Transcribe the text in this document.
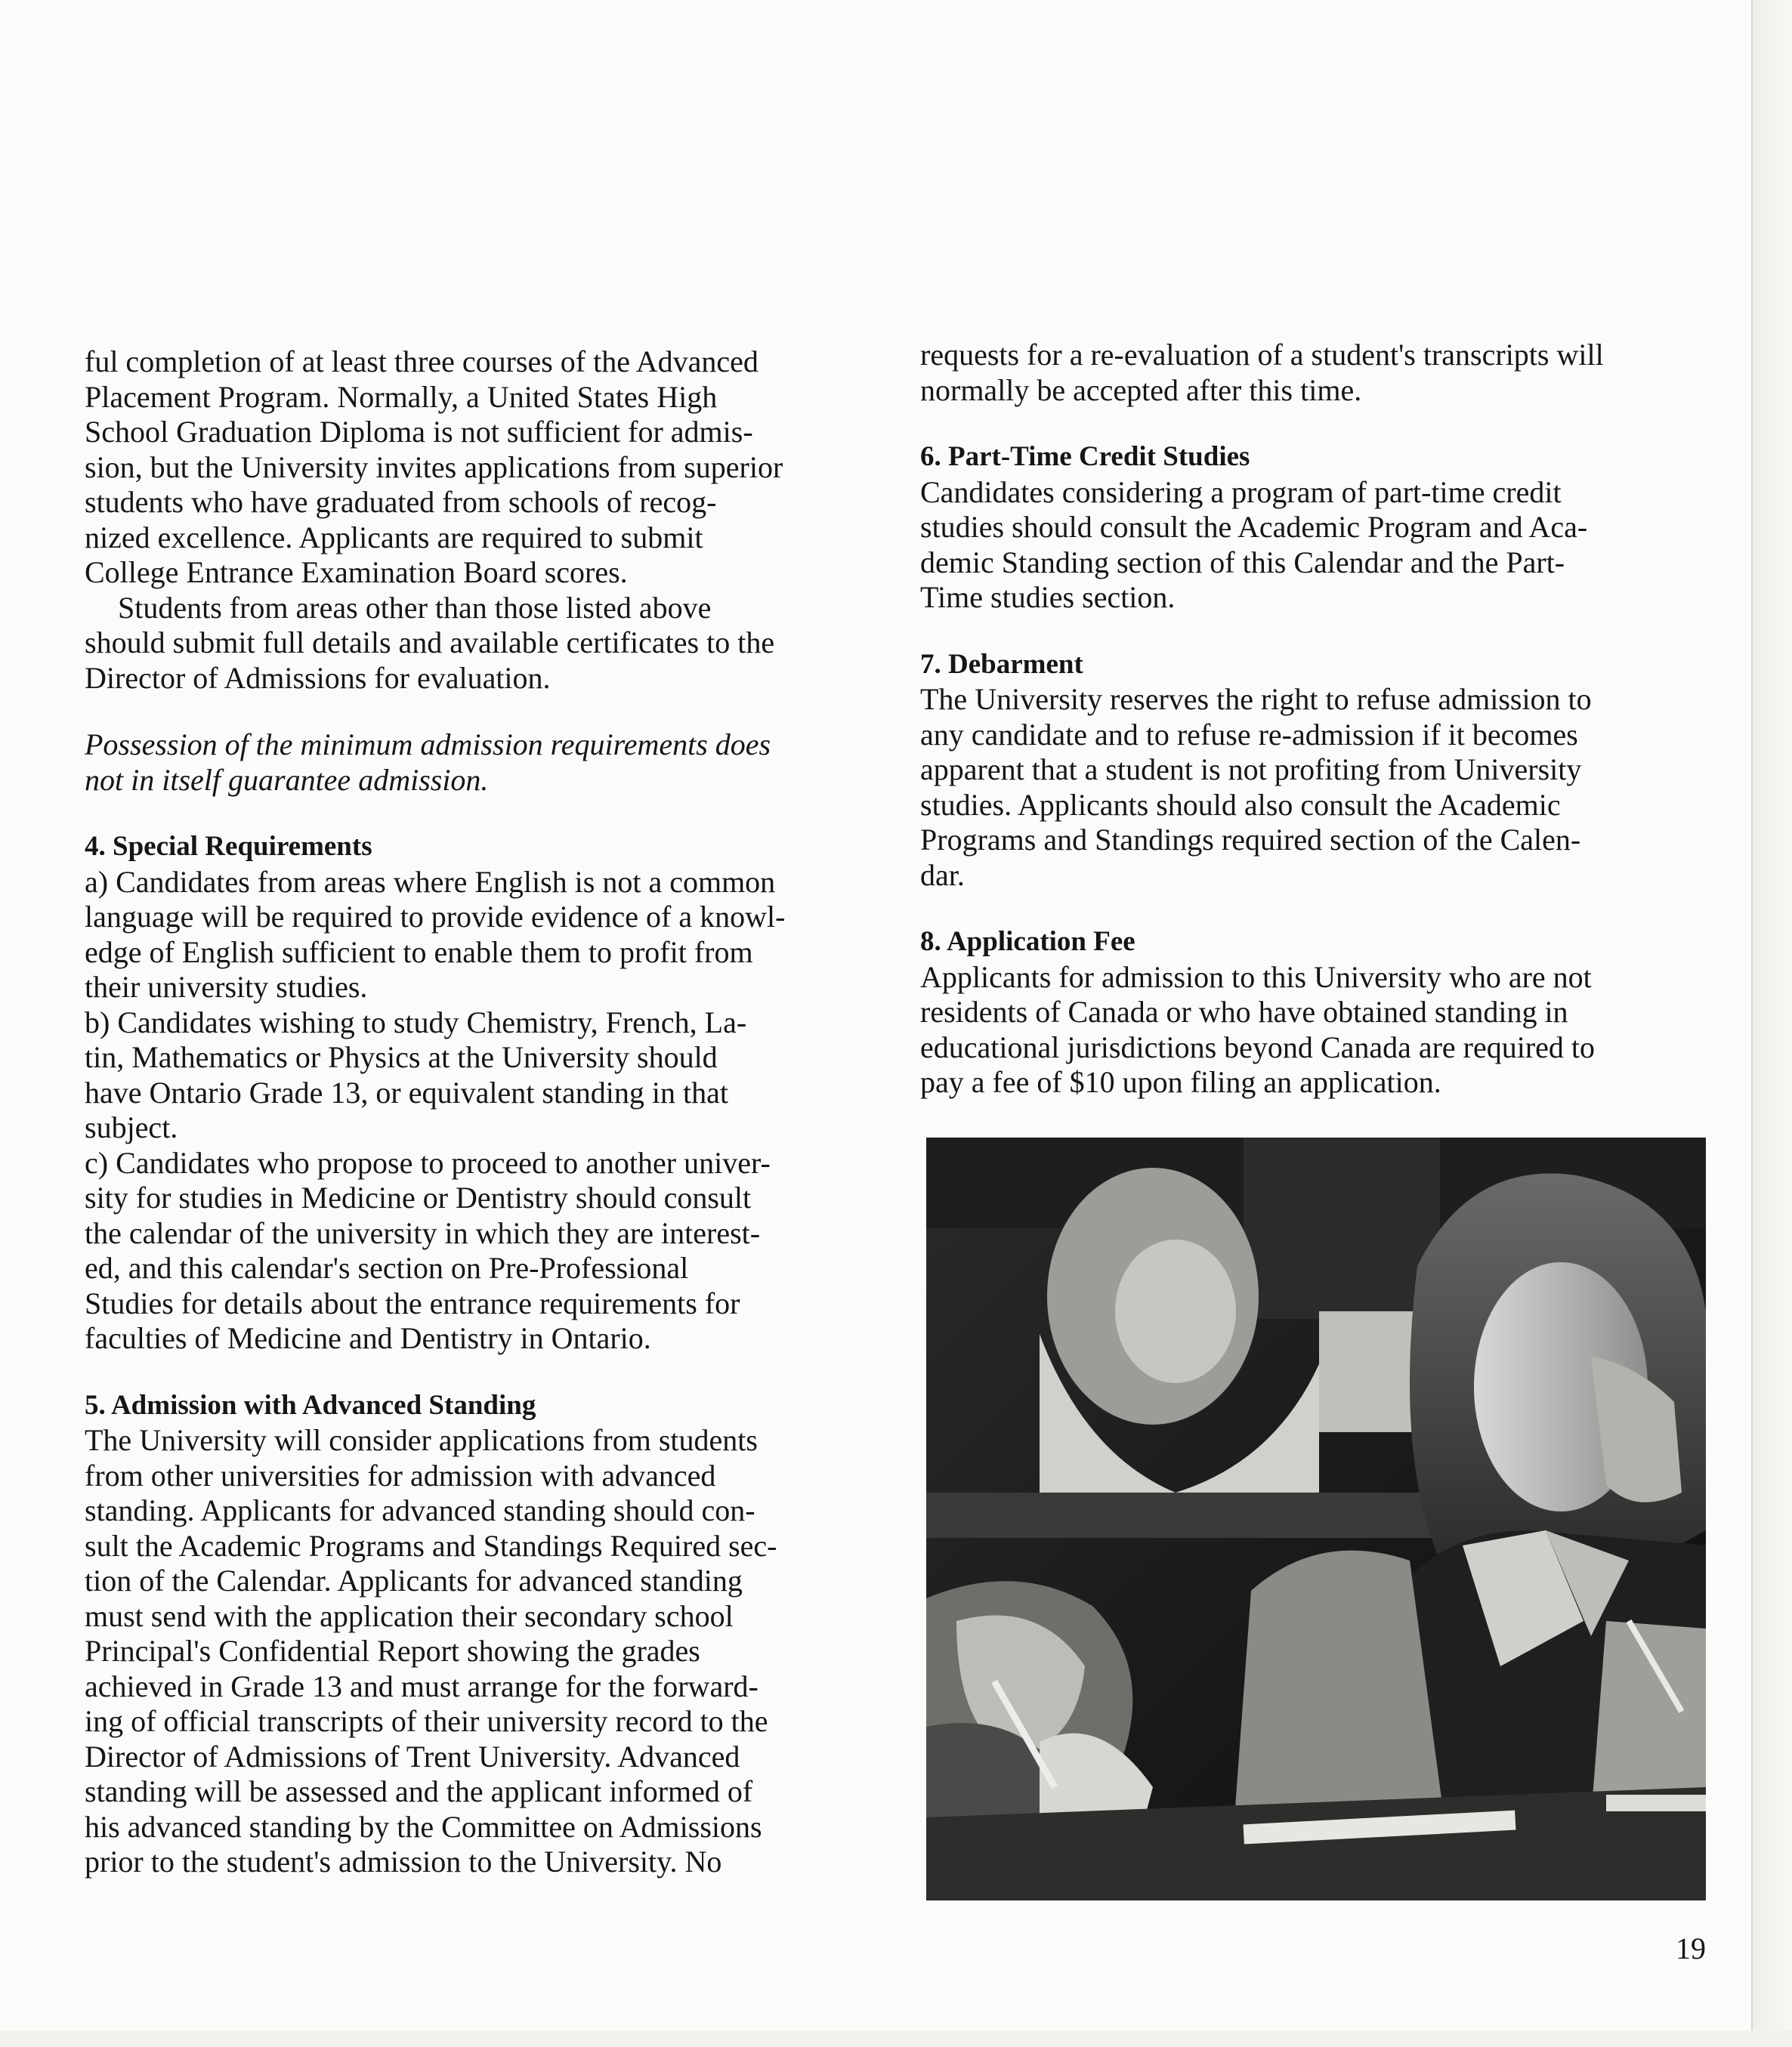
ful completion of at least three courses of the Advanced
Placement Program. Normally, a United States High
School Graduation Diploma is not sufficient for admis-
sion, but the University invites applications from superior
students who have graduated from schools of recog-
nized excellence. Applicants are required to submit
College Entrance Examination Board scores.
Students from areas other than those listed above
should submit full details and available certificates to the
Director of Admissions for evaluation.
Possession of the minimum admission requirements does
not in itself guarantee admission.
4. Special Requirements
a) Candidates from areas where English is not a common
language will be required to provide evidence of a knowl-
edge of English sufficient to enable them to profit from
their university studies.
b) Candidates wishing to study Chemistry, French, La-
tin, Mathematics or Physics at the University should
have Ontario Grade 13, or equivalent standing in that
subject.
c) Candidates who propose to proceed to another univer-
sity for studies in Medicine or Dentistry should consult
the calendar of the university in which they are interest-
ed, and this calendar's section on Pre-Professional
Studies for details about the entrance requirements for
faculties of Medicine and Dentistry in Ontario.
5. Admission with Advanced Standing
The University will consider applications from students
from other universities for admission with advanced
standing. Applicants for advanced standing should con-
sult the Academic Programs and Standings Required sec-
tion of the Calendar. Applicants for advanced standing
must send with the application their secondary school
Principal's Confidential Report showing the grades
achieved in Grade 13 and must arrange for the forward-
ing of official transcripts of their university record to the
Director of Admissions of Trent University. Advanced
standing will be assessed and the applicant informed of
his advanced standing by the Committee on Admissions
prior to the student's admission to the University. No
requests for a re-evaluation of a student's transcripts will
normally be accepted after this time.
6. Part-Time Credit Studies
Candidates considering a program of part-time credit
studies should consult the Academic Program and Aca-
demic Standing section of this Calendar and the Part-
Time studies section.
7. Debarment
The University reserves the right to refuse admission to
any candidate and to refuse re-admission if it becomes
apparent that a student is not profiting from University
studies. Applicants should also consult the Academic
Programs and Standings required section of the Calen-
dar.
8. Application Fee
Applicants for admission to this University who are not
residents of Canada or who have obtained standing in
educational jurisdictions beyond Canada are required to
pay a fee of $10 upon filing an application.
19
